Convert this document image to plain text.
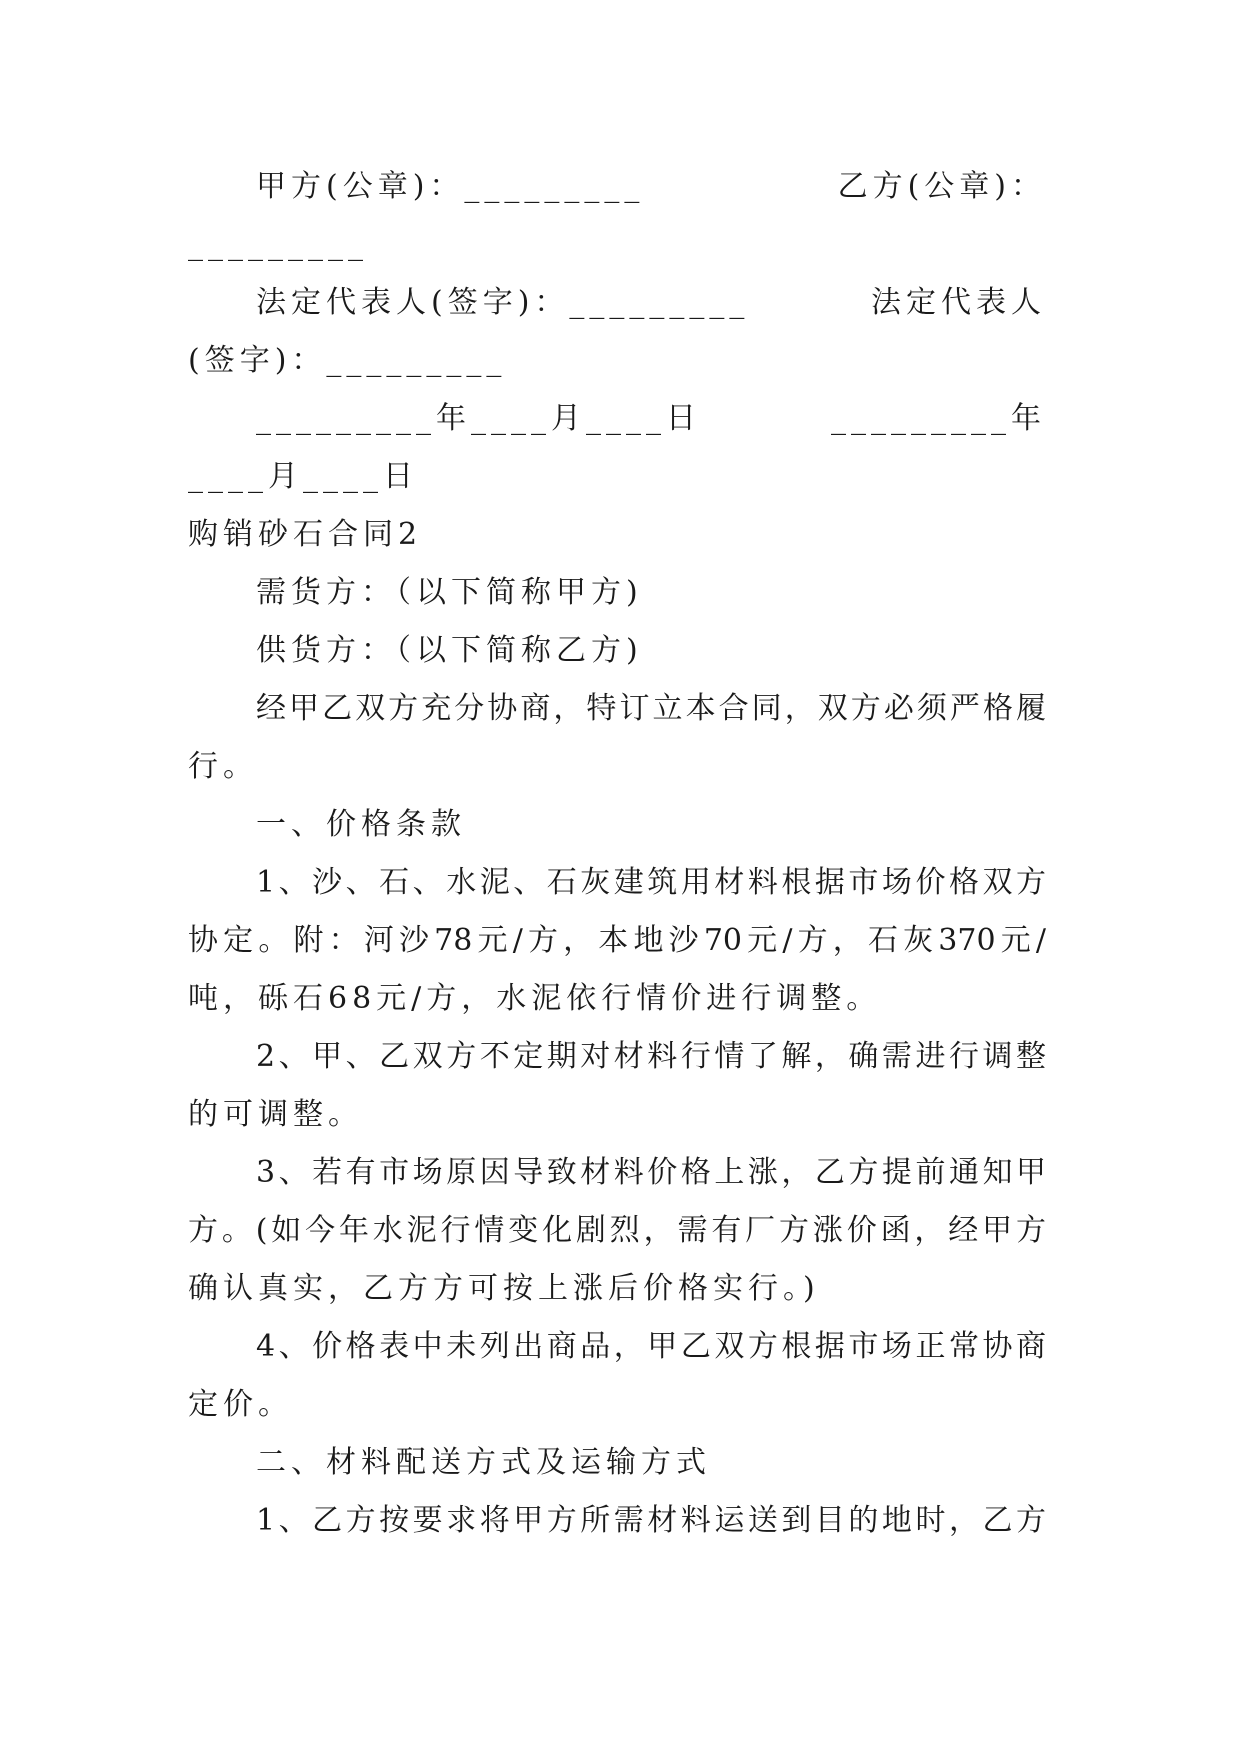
甲方(公章)：_________	乙方(公章)：
_________
法定代表人(签字)：_________	法定代表人
(签字)：_________
_________年____月____日	_________年
____月____日
购销砂石合同2
需货方：（以下简称甲方)
供货方：（以下简称乙方)
经甲乙双方充分协商，特订立本合同，双方必须严格履
行。
一、价格条款
1、沙、石、水泥、石灰建筑用材料根据市场价格双方
协定。附：河沙78元/方，本地沙70元/方，石灰370元/
吨，砾石68元/方，水泥依行情价进行调整。
2、甲、乙双方不定期对材料行情了解，确需进行调整
的可调整。
3、若有市场原因导致材料价格上涨，乙方提前通知甲
方。(如今年水泥行情变化剧烈，需有厂方涨价函，经甲方
确认真实，乙方方可按上涨后价格实行。)
4、价格表中未列出商品，甲乙双方根据市场正常协商
定价。
二、材料配送方式及运输方式
1、乙方按要求将甲方所需材料运送到目的地时，乙方
